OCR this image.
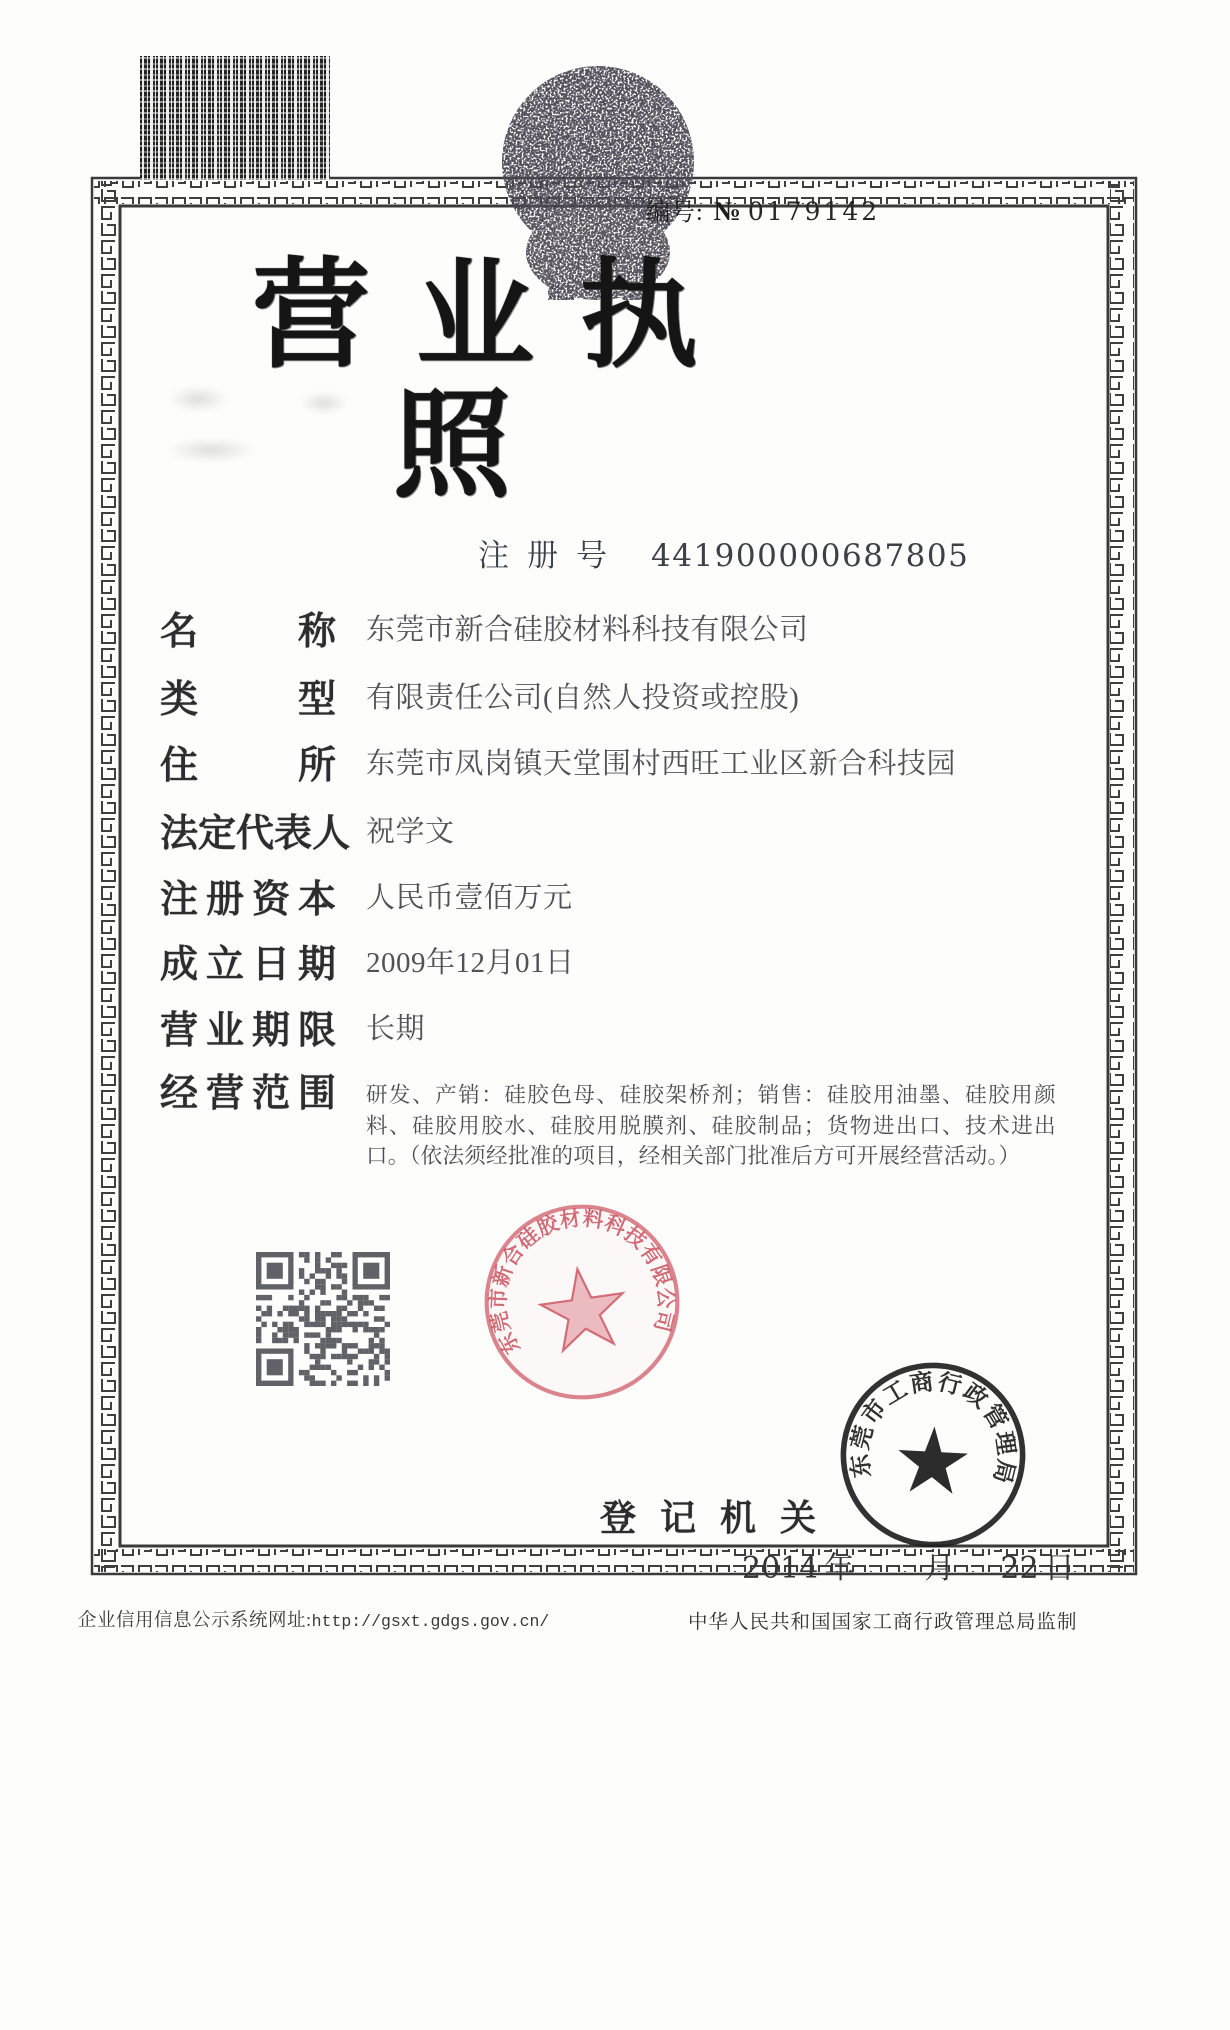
编号: № 0179142
营业执照
注册号 441900000687805
名	称 东莞市新合硅胶材料科技有限公司
类	型 有限责任公司(自然人投资或控股)
住	所 东莞市凤岗镇天堂围村西旺工业区新合科技园
法 定 代 表 人 祝学文
注 册 资 本 人民币壹佰万元
成 立 日 期 2009年12月01日
营 业 期 限 长期
经 营 范 围 研发、产销：硅胶色母、硅胶架桥剂；销售：硅胶用油墨、硅胶用颜料、硅胶用胶水、硅胶用脱膜剂、硅胶制品；货物进出口、技术进出口。（依法须经批准的项目，经相关部门批准后方可开展经营活动。）
东莞市新合硅胶材料科技有限公司
登记机关
2014 年 月 22 日
东莞市工商行政管理局
企业信用信息公示系统网址:http://gsxt.gdgs.gov.cn/	中华人民共和国国家工商行政管理总局监制
